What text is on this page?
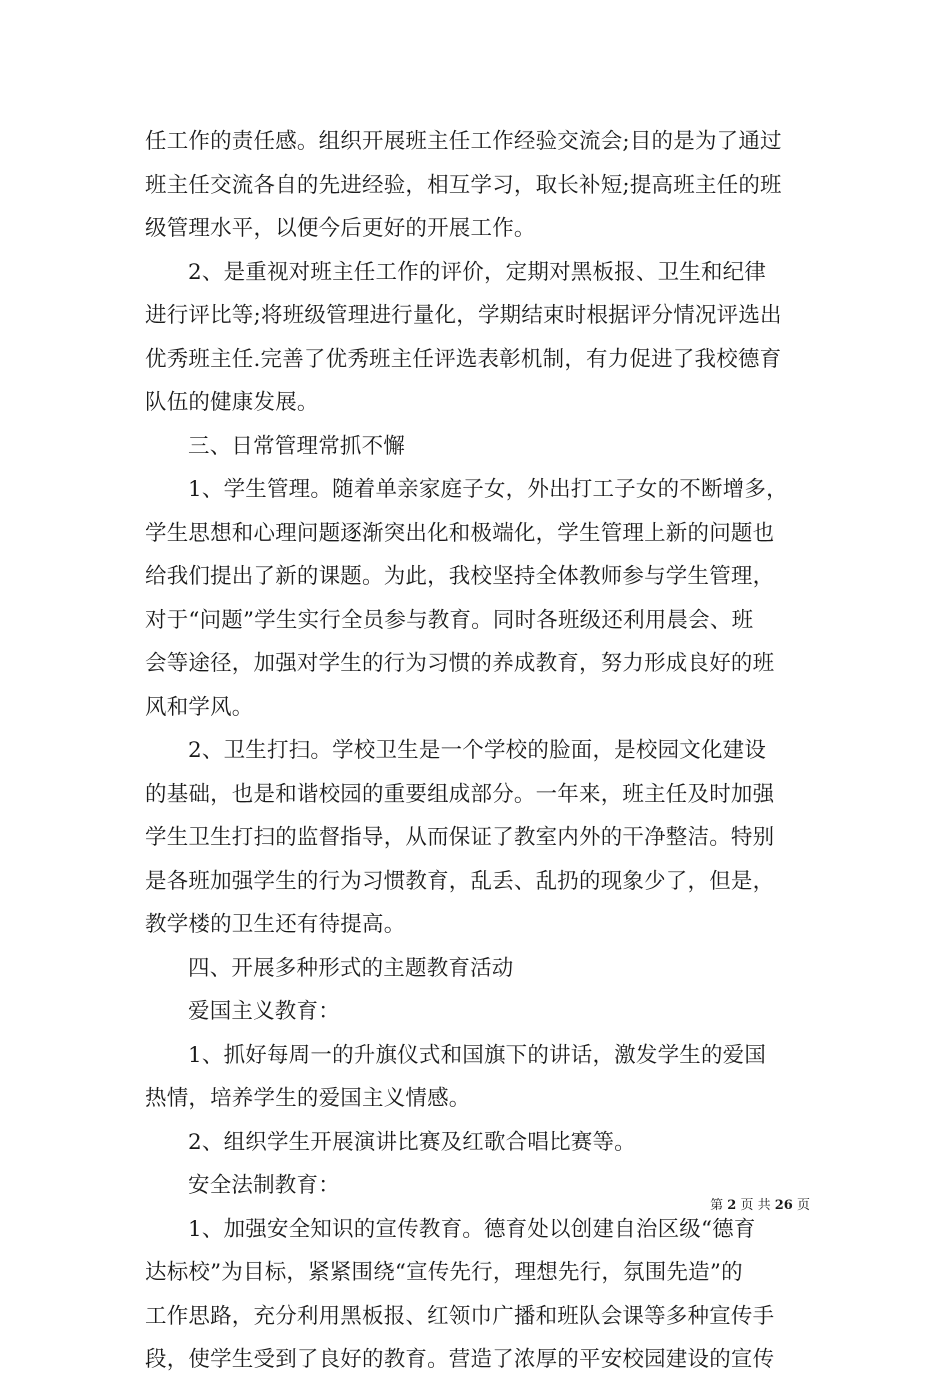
任工作的责任感。组织开展班主任工作经验交流会;目的是为了通过
班主任交流各自的先进经验，相互学习，取长补短;提高班主任的班
级管理水平，以便今后更好的开展工作。
2、是重视对班主任工作的评价，定期对黑板报、卫生和纪律
进行评比等;将班级管理进行量化，学期结束时根据评分情况评选出
优秀班主任.完善了优秀班主任评选表彰机制，有力促进了我校德育
队伍的健康发展。
三、日常管理常抓不懈
1、学生管理。随着单亲家庭子女，外出打工子女的不断增多，
学生思想和心理问题逐渐突出化和极端化，学生管理上新的问题也
给我们提出了新的课题。为此，我校坚持全体教师参与学生管理，
对于“问题”学生实行全员参与教育。同时各班级还利用晨会、班
会等途径，加强对学生的行为习惯的养成教育，努力形成良好的班
风和学风。
2、卫生打扫。学校卫生是一个学校的脸面，是校园文化建设
的基础，也是和谐校园的重要组成部分。一年来，班主任及时加强
学生卫生打扫的监督指导，从而保证了教室内外的干净整洁。特别
是各班加强学生的行为习惯教育，乱丢、乱扔的现象少了，但是，
教学楼的卫生还有待提高。
四、开展多种形式的主题教育活动
爱国主义教育：
1、抓好每周一的升旗仪式和国旗下的讲话，激发学生的爱国
热情，培养学生的爱国主义情感。
2、组织学生开展演讲比赛及红歌合唱比赛等。
安全法制教育：
1、加强安全知识的宣传教育。德育处以创建自治区级“德育
达标校”为目标，紧紧围绕“宣传先行，理想先行，氛围先造”的
工作思路，充分利用黑板报、红领巾广播和班队会课等多种宣传手
段，使学生受到了良好的教育。营造了浓厚的平安校园建设的宣传
第 2 页 共 26 页
